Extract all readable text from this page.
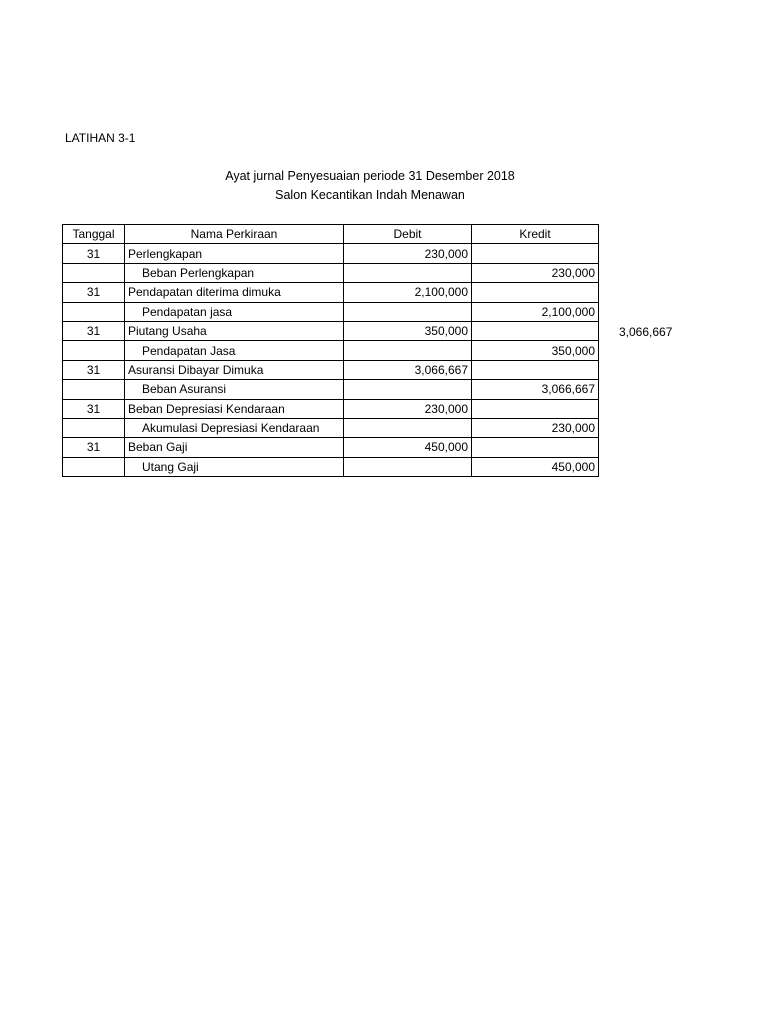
LATIHAN 3-1
Ayat jurnal Penyesuaian periode 31 Desember 2018
Salon Kecantikan Indah Menawan
Tanggal	Nama Perkiraan	Debit	Kredit
31	Perlengkapan	230,000	
	Beban Perlengkapan		230,000
31	Pendapatan diterima dimuka	2,100,000	
	Pendapatan jasa		2,100,000
31	Piutang Usaha	350,000	
	Pendapatan Jasa		350,000
31	Asuransi Dibayar Dimuka	3,066,667	
	Beban Asuransi		3,066,667
31	Beban Depresiasi Kendaraan	230,000	
	Akumulasi Depresiasi Kendaraan		230,000
31	Beban Gaji	450,000	
	Utang Gaji		450,000
3,066,667
